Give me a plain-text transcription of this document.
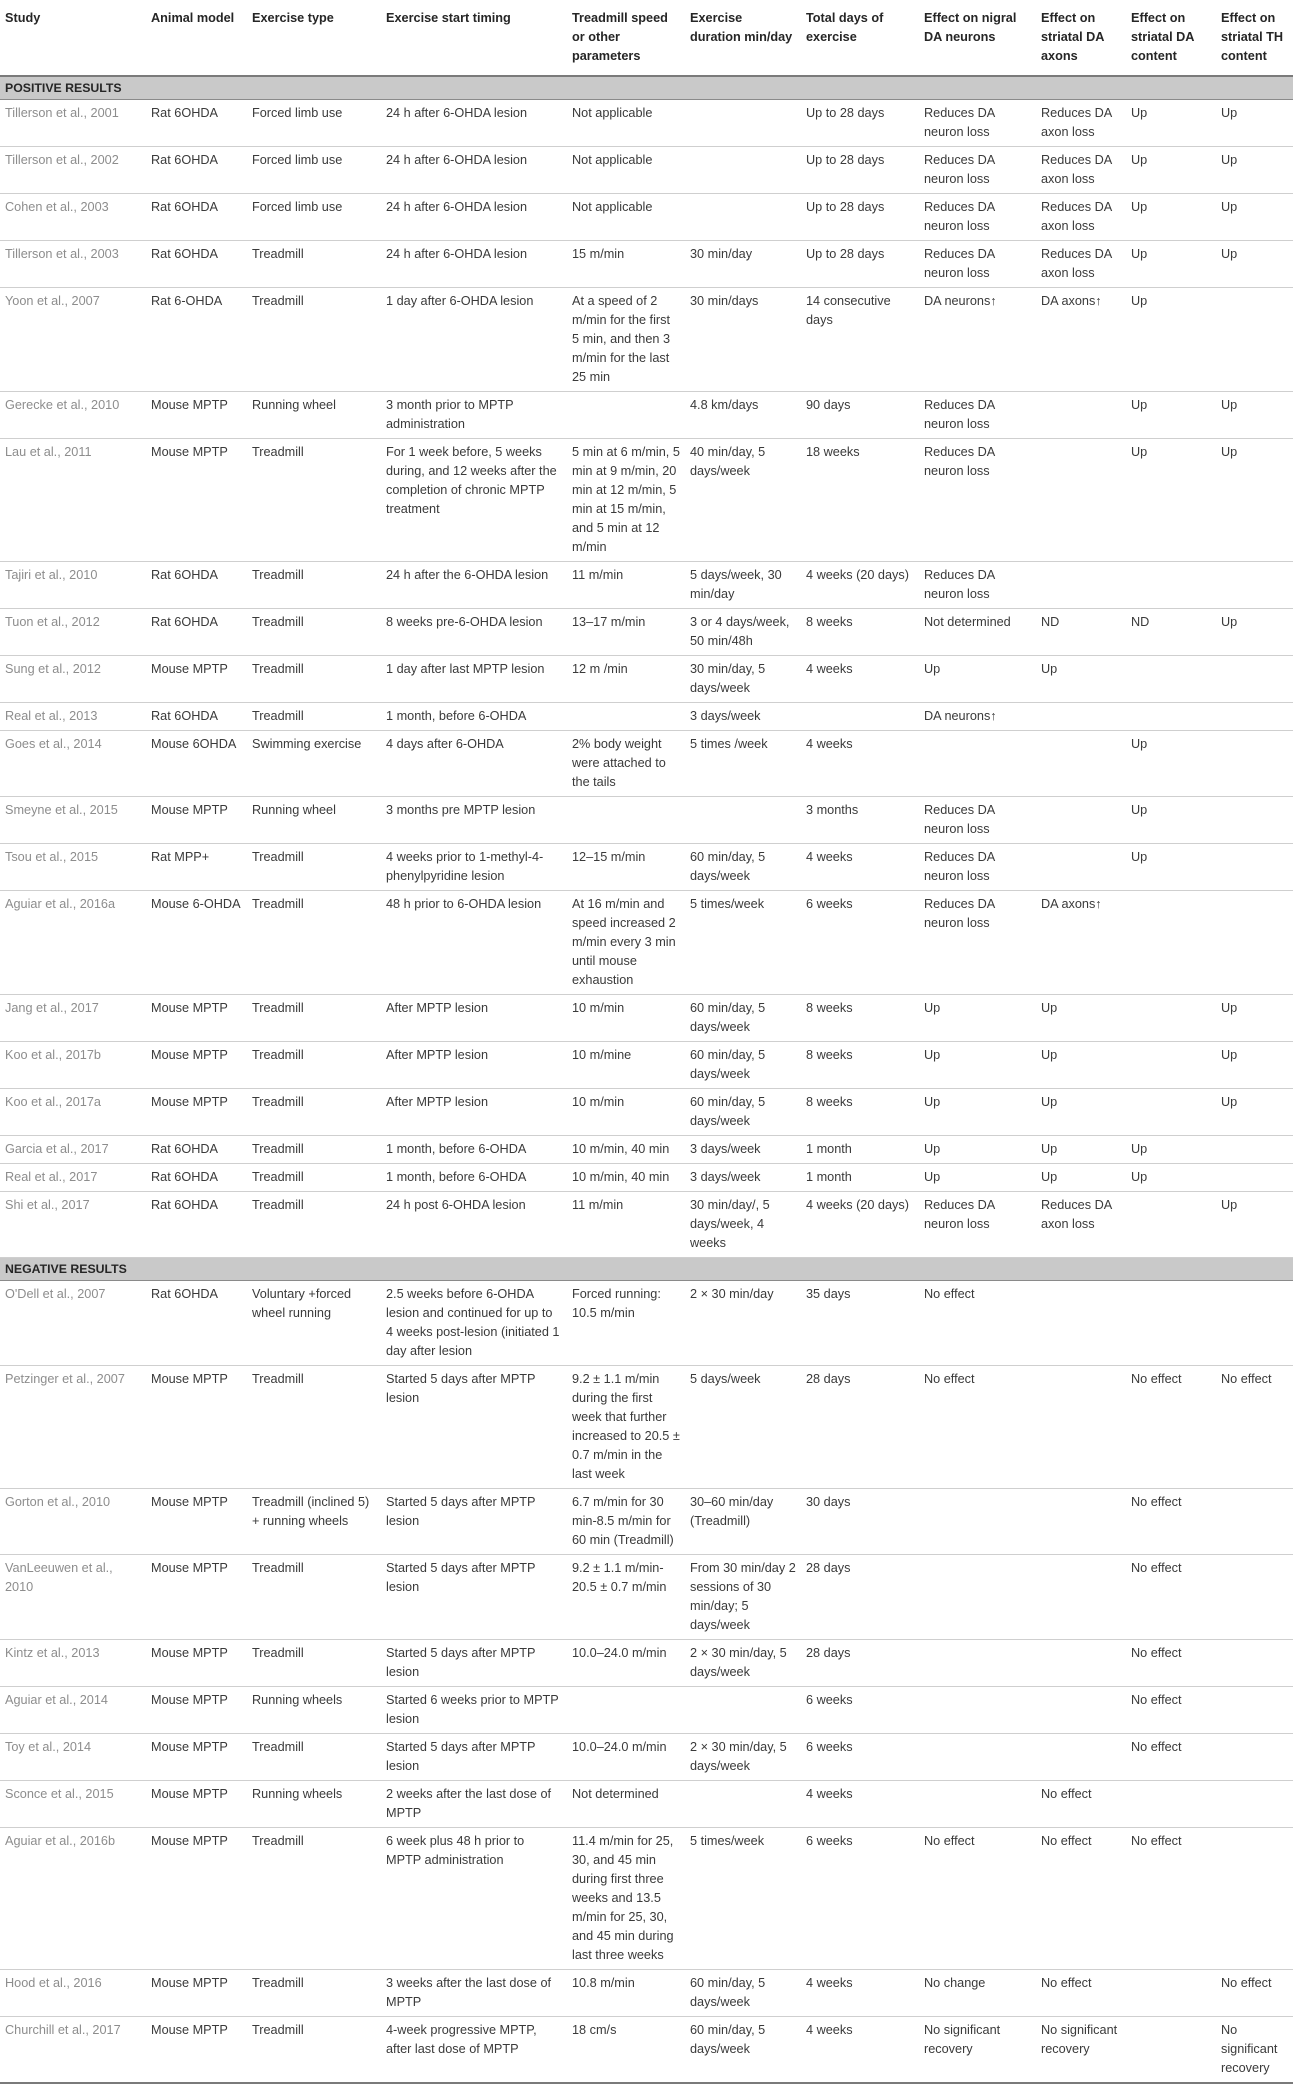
Study	Animal model	Exercise type	Exercise start timing	Treadmill speed or other parameters	Exercise duration min/day	Total days of exercise	Effect on nigral DA neurons	Effect on striatal DA axons	Effect on striatal DA content	Effect on striatal TH content
POSITIVE RESULTS										
Tillerson et al., 2001	Rat 6OHDA	Forced limb use	24 h after 6-OHDA lesion	Not applicable		Up to 28 days	Reduces DA neuron loss	Reduces DA axon loss	Up	Up
Tillerson et al., 2002	Rat 6OHDA	Forced limb use	24 h after 6-OHDA lesion	Not applicable		Up to 28 days	Reduces DA neuron loss	Reduces DA axon loss	Up	Up
Cohen et al., 2003	Rat 6OHDA	Forced limb use	24 h after 6-OHDA lesion	Not applicable		Up to 28 days	Reduces DA neuron loss	Reduces DA axon loss	Up	Up
Tillerson et al., 2003	Rat 6OHDA	Treadmill	24 h after 6-OHDA lesion	15 m/min	30 min/day	Up to 28 days	Reduces DA neuron loss	Reduces DA axon loss	Up	Up
Yoon et al., 2007	Rat 6-OHDA	Treadmill	1 day after 6-OHDA lesion	At a speed of 2 m/min for the first 5 min, and then 3 m/min for the last 25 min	30 min/days	14 consecutive days	DA neurons↑	DA axons↑	Up	
Gerecke et al., 2010	Mouse MPTP	Running wheel	3 month prior to MPTP administration		4.8 km/days	90 days	Reduces DA neuron loss		Up	Up
Lau et al., 2011	Mouse MPTP	Treadmill	For 1 week before, 5 weeks during, and 12 weeks after the completion of chronic MPTP treatment	5 min at 6 m/min, 5 min at 9 m/min, 20 min at 12 m/min, 5 min at 15 m/min, and 5 min at 12 m/min	40 min/day, 5 days/week	18 weeks	Reduces DA neuron loss		Up	Up
Tajiri et al., 2010	Rat 6OHDA	Treadmill	24 h after the 6-OHDA lesion	11 m/min	5 days/week, 30 min/day	4 weeks (20 days)	Reduces DA neuron loss			
Tuon et al., 2012	Rat 6OHDA	Treadmill	8 weeks pre-6-OHDA lesion	13–17 m/min	3 or 4 days/week, 50 min/48h	8 weeks	Not determined	ND	ND	Up
Sung et al., 2012	Mouse MPTP	Treadmill	1 day after last MPTP lesion	12 m /min	30 min/day, 5 days/week	4 weeks	Up	Up		
Real et al., 2013	Rat 6OHDA	Treadmill	1 month, before 6-OHDA		3 days/week		DA neurons↑			
Goes et al., 2014	Mouse 6OHDA	Swimming exercise	4 days after 6-OHDA	2% body weight were attached to the tails	5 times /week	4 weeks			Up	
Smeyne et al., 2015	Mouse MPTP	Running wheel	3 months pre MPTP lesion			3 months	Reduces DA neuron loss		Up	
Tsou et al., 2015	Rat MPP+	Treadmill	4 weeks prior to 1-methyl-4-phenylpyridine lesion	12–15 m/min	60 min/day, 5 days/week	4 weeks	Reduces DA neuron loss		Up	
Aguiar et al., 2016a	Mouse 6-OHDA	Treadmill	48 h prior to 6-OHDA lesion	At 16 m/min and speed increased 2 m/min every 3 min until mouse exhaustion	5 times/week	6 weeks	Reduces DA neuron loss	DA axons↑		
Jang et al., 2017	Mouse MPTP	Treadmill	After MPTP lesion	10 m/min	60 min/day, 5 days/week	8 weeks	Up	Up		Up
Koo et al., 2017b	Mouse MPTP	Treadmill	After MPTP lesion	10 m/mine	60 min/day, 5 days/week	8 weeks	Up	Up		Up
Koo et al., 2017a	Mouse MPTP	Treadmill	After MPTP lesion	10 m/min	60 min/day, 5 days/week	8 weeks	Up	Up		Up
Garcia et al., 2017	Rat 6OHDA	Treadmill	1 month, before 6-OHDA	10 m/min, 40 min	3 days/week	1 month	Up	Up	Up	
Real et al., 2017	Rat 6OHDA	Treadmill	1 month, before 6-OHDA	10 m/min, 40 min	3 days/week	1 month	Up	Up	Up	
Shi et al., 2017	Rat 6OHDA	Treadmill	24 h post 6-OHDA lesion	11 m/min	30 min/day/, 5 days/week, 4 weeks	4 weeks (20 days)	Reduces DA neuron loss	Reduces DA axon loss		Up
NEGATIVE RESULTS										
O'Dell et al., 2007	Rat 6OHDA	Voluntary +forced wheel running	2.5 weeks before 6-OHDA lesion and continued for up to 4 weeks post-lesion (initiated 1 day after lesion	Forced running: 10.5 m/min	2 × 30 min/day	35 days	No effect			
Petzinger et al., 2007	Mouse MPTP	Treadmill	Started 5 days after MPTP lesion	9.2 ± 1.1 m/min during the first week that further increased to 20.5 ± 0.7 m/min in the last week	5 days/week	28 days	No effect		No effect	No effect
Gorton et al., 2010	Mouse MPTP	Treadmill (inclined 5) + running wheels	Started 5 days after MPTP lesion	6.7 m/min for 30 min-8.5 m/min for 60 min (Treadmill)	30–60 min/day (Treadmill)	30 days			No effect	
VanLeeuwen et al., 2010	Mouse MPTP	Treadmill	Started 5 days after MPTP lesion	9.2 ± 1.1 m/min-20.5 ± 0.7 m/min	From 30 min/day 2 sessions of 30 min/day; 5 days/week	28 days			No effect	
Kintz et al., 2013	Mouse MPTP	Treadmill	Started 5 days after MPTP lesion	10.0–24.0 m/min	2 × 30 min/day, 5 days/week	28 days			No effect	
Aguiar et al., 2014	Mouse MPTP	Running wheels	Started 6 weeks prior to MPTP lesion			6 weeks			No effect	
Toy et al., 2014	Mouse MPTP	Treadmill	Started 5 days after MPTP lesion	10.0–24.0 m/min	2 × 30 min/day, 5 days/week	6 weeks			No effect	
Sconce et al., 2015	Mouse MPTP	Running wheels	2 weeks after the last dose of MPTP	Not determined		4 weeks		No effect		
Aguiar et al., 2016b	Mouse MPTP	Treadmill	6 week plus 48 h prior to MPTP administration	11.4 m/min for 25, 30, and 45 min during first three weeks and 13.5 m/min for 25, 30, and 45 min during last three weeks	5 times/week	6 weeks	No effect	No effect	No effect	
Hood et al., 2016	Mouse MPTP	Treadmill	3 weeks after the last dose of MPTP	10.8 m/min	60 min/day, 5 days/week	4 weeks	No change	No effect		No effect
Churchill et al., 2017	Mouse MPTP	Treadmill	4-week progressive MPTP, after last dose of MPTP	18 cm/s	60 min/day, 5 days/week	4 weeks	No significant recovery	No significant recovery		No significant recovery
